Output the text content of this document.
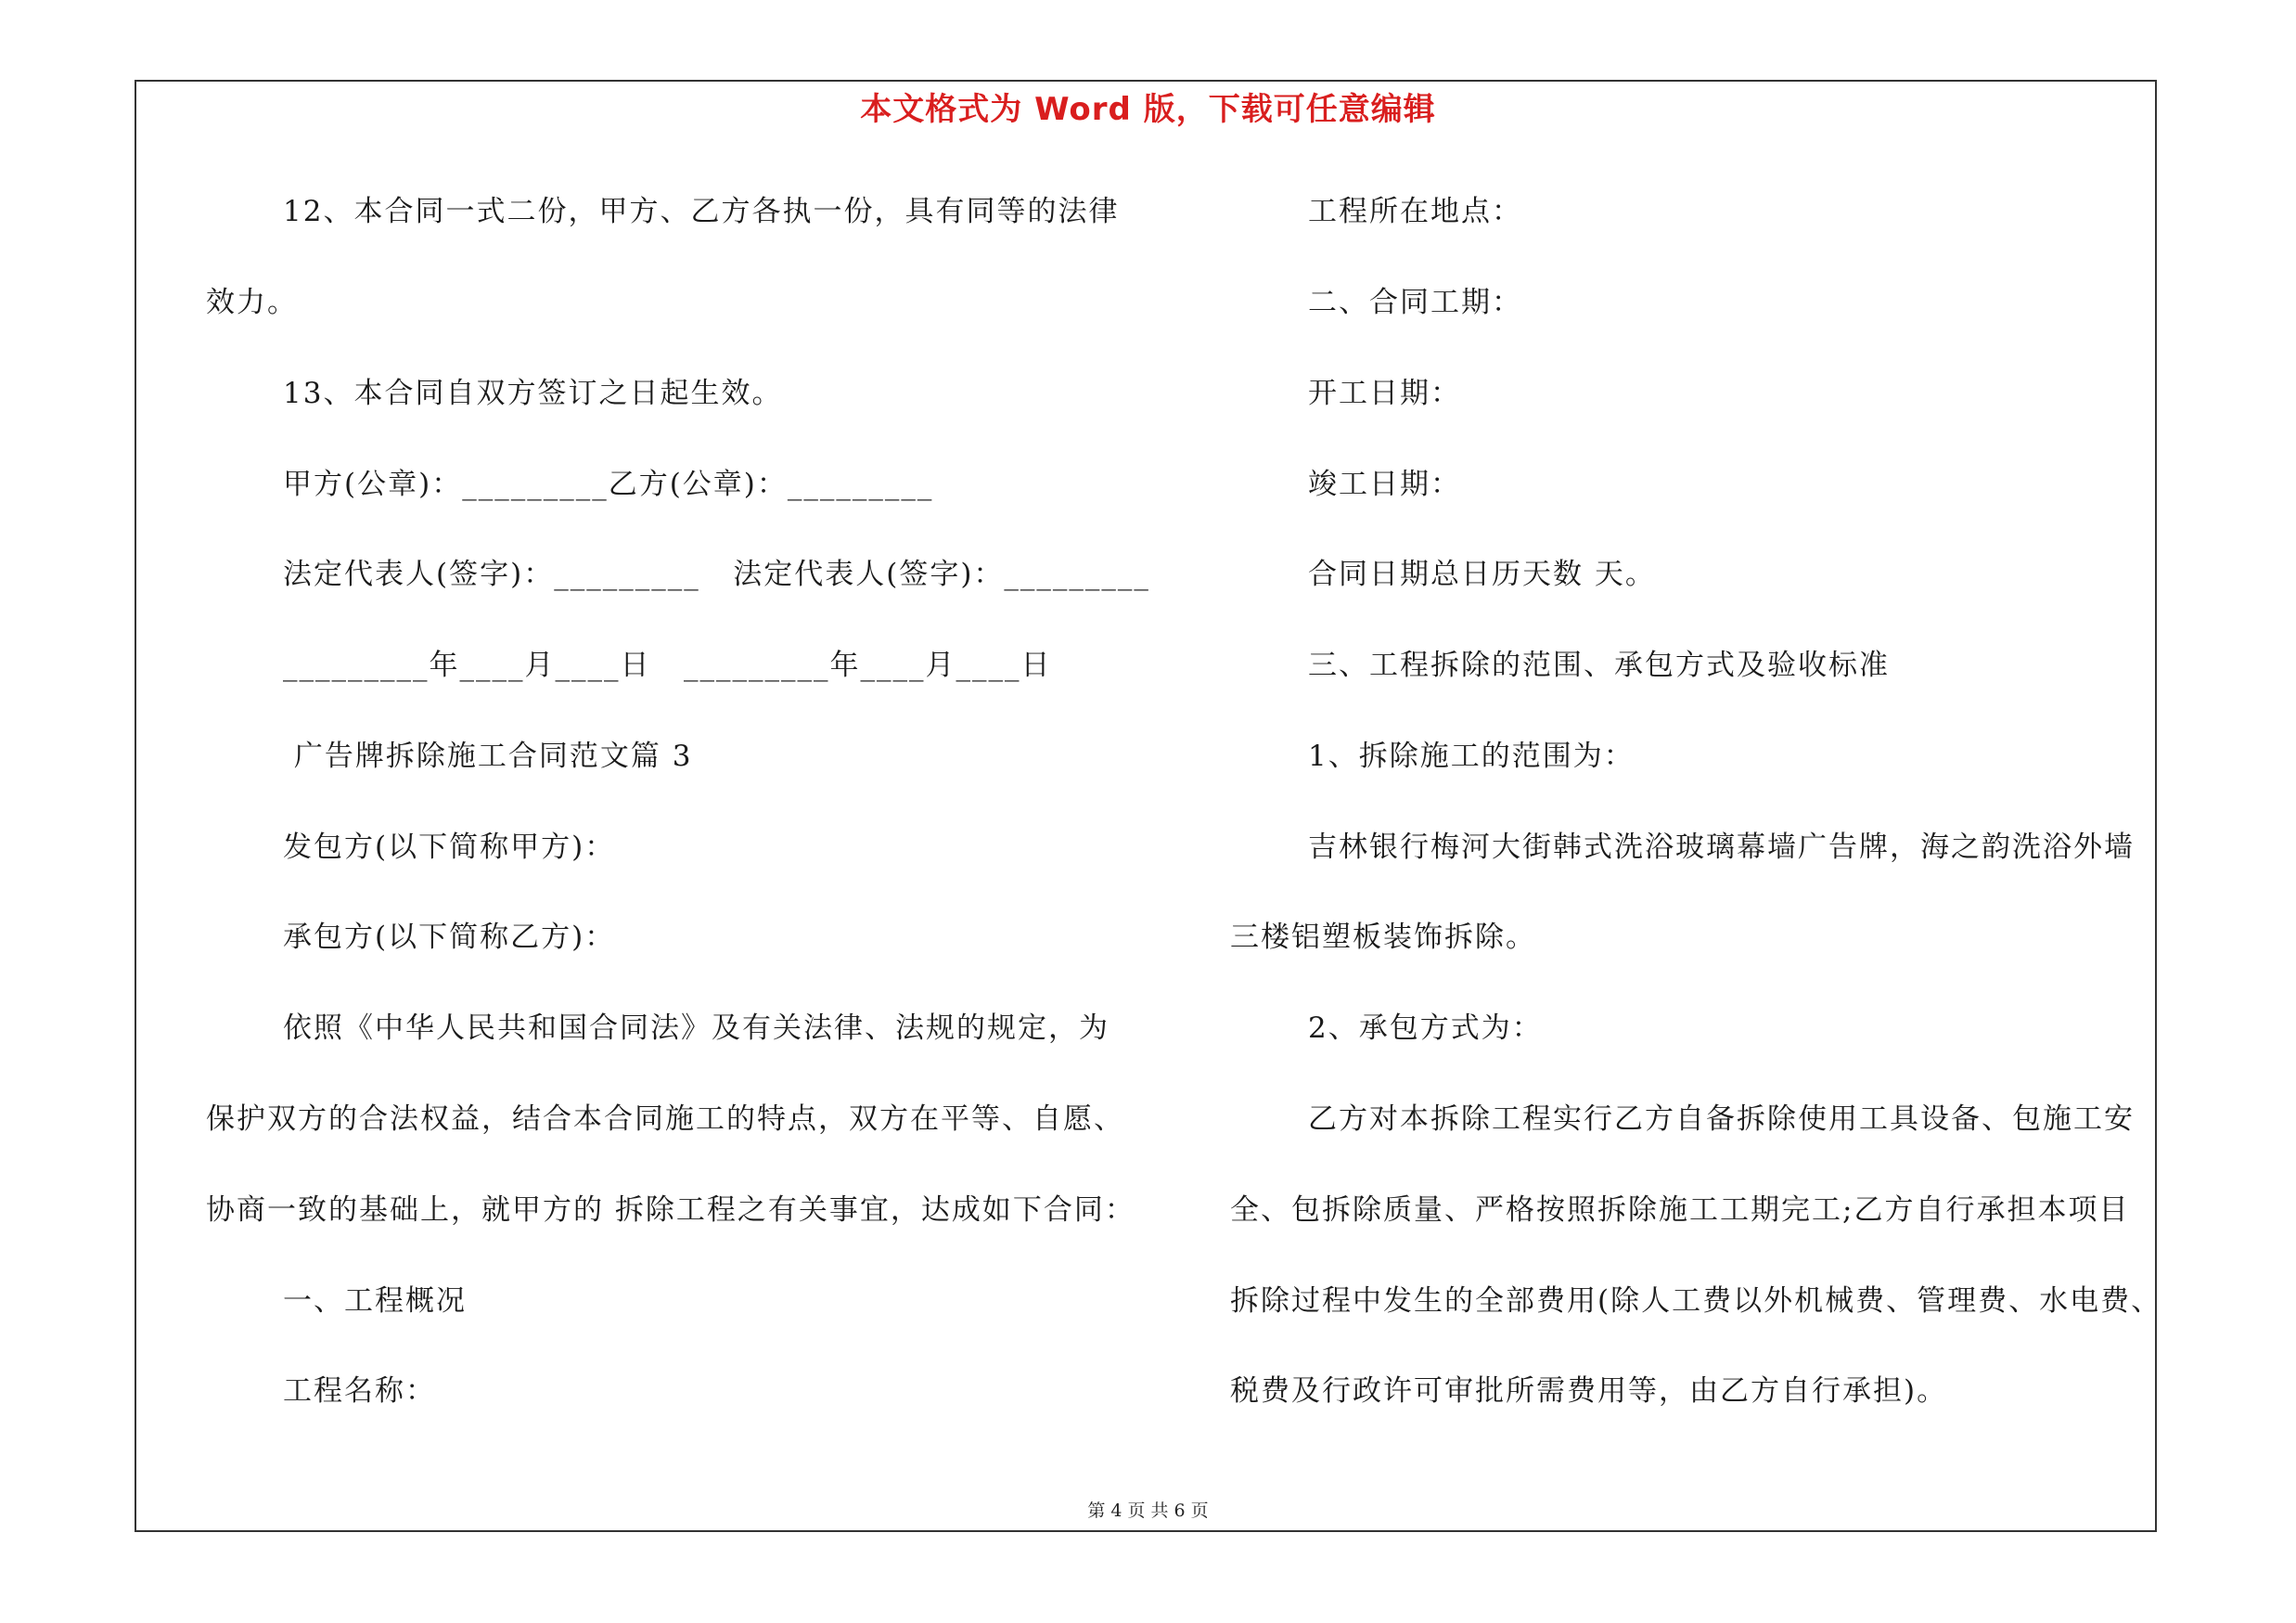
本文格式为 Word 版，下载可任意编辑
12、本合同一式二份，甲方、乙方各执一份，具有同等的法律
效力。
13、本合同自双方签订之日起生效。
甲方(公章)：_________乙方(公章)：_________
法定代表人(签字)：_________   法定代表人(签字)：_________
_________年____月____日   _________年____月____日
广告牌拆除施工合同范文篇 3
发包方(以下简称甲方)：
承包方(以下简称乙方)：
依照《中华人民共和国合同法》及有关法律、法规的规定，为
保护双方的合法权益，结合本合同施工的特点，双方在平等、自愿、
协商一致的基础上，就甲方的 拆除工程之有关事宜，达成如下合同：
一、工程概况
工程名称：
工程所在地点：
二、合同工期：
开工日期：
竣工日期：
合同日期总日历天数 天。
三、工程拆除的范围、承包方式及验收标准
1、拆除施工的范围为：
吉林银行梅河大街韩式洗浴玻璃幕墙广告牌，海之韵洗浴外墙
三楼铝塑板装饰拆除。
2、承包方式为：
乙方对本拆除工程实行乙方自备拆除使用工具设备、包施工安
全、包拆除质量、严格按照拆除施工工期完工;乙方自行承担本项目
拆除过程中发生的全部费用(除人工费以外机械费、管理费、水电费、
税费及行政许可审批所需费用等，由乙方自行承担)。
第 4 页 共 6 页
